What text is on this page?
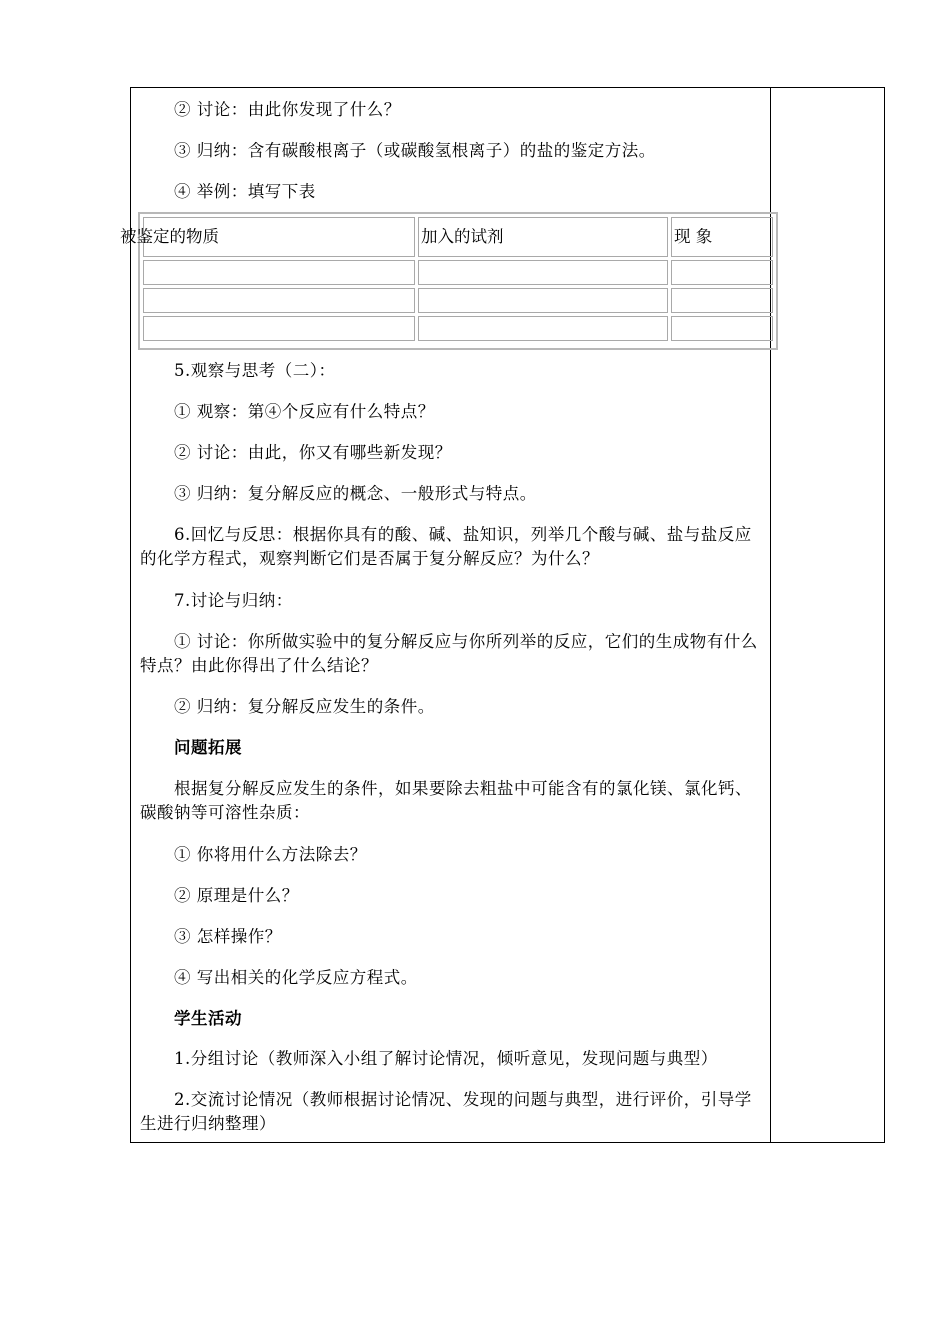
② 讨论：由此你发现了什么？

③ 归纳：含有碳酸根离子（或碳酸氢根离子）的盐的鉴定方法。

④ 举例：填写下表

被鉴定的物质	加入的试剂	现 象

5.观察与思考（二）：

① 观察：第④个反应有什么特点？

② 讨论：由此，你又有哪些新发现？

③ 归纳：复分解反应的概念、一般形式与特点。

6.回忆与反思：根据你具有的酸、碱、盐知识，列举几个酸与碱、盐与盐反应的化学方程式，观察判断它们是否属于复分解反应？为什么？

7.讨论与归纳：

① 讨论：你所做实验中的复分解反应与你所列举的反应，它们的生成物有什么特点？由此你得出了什么结论？

② 归纳：复分解反应发生的条件。

问题拓展

根据复分解反应发生的条件，如果要除去粗盐中可能含有的氯化镁、氯化钙、碳酸钠等可溶性杂质：

① 你将用什么方法除去？

② 原理是什么？

③ 怎样操作？

④ 写出相关的化学反应方程式。

学生活动

1.分组讨论（教师深入小组了解讨论情况，倾听意见，发现问题与典型）

2.交流讨论情况（教师根据讨论情况、发现的问题与典型，进行评价，引导学生进行归纳整理）
